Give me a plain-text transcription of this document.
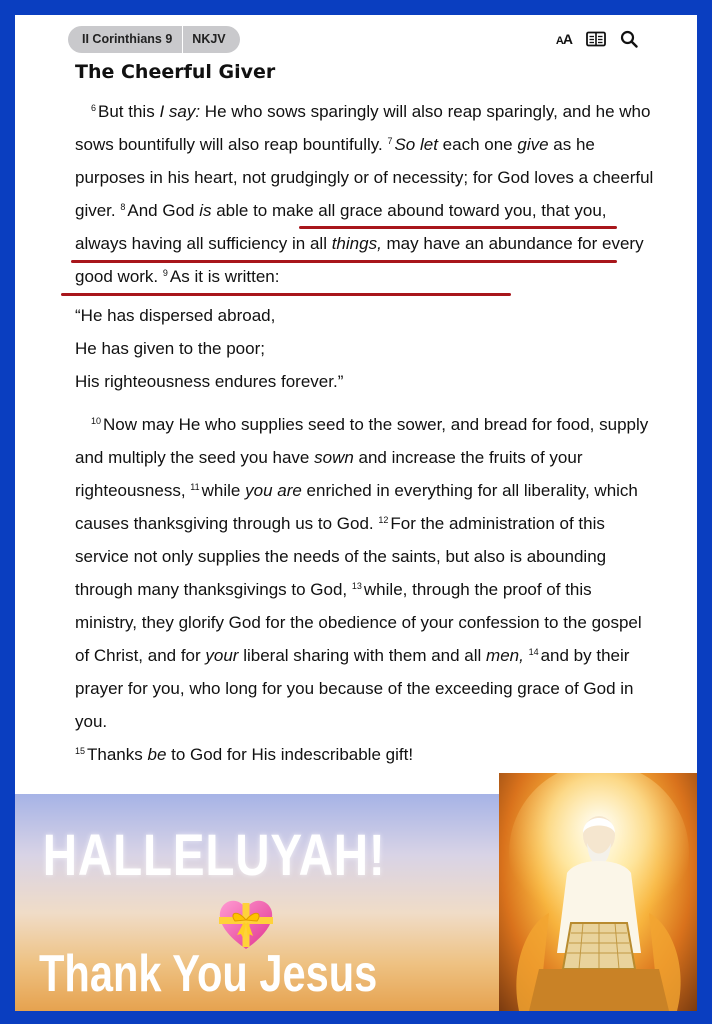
II Corinthians 9	NKJV	AA
The Cheerful Giver

$^6$ But this I say: He who sows sparingly will also reap sparingly, and he who sows bountifully will also reap bountifully. $^7$ So let each one give as he purposes in his heart, not grudgingly or of necessity; for God loves a cheerful giver. $^8$ And God is able to make all grace abound toward you, that you, always having all sufficiency in all things, may have an abundance for every good work. $^9$ As it is written:

“He has dispersed abroad,
He has given to the poor;
His righteousness endures forever.”

$^{10}$ Now may He who supplies seed to the sower, and bread for food, supply and multiply the seed you have sown and increase the fruits of your righteousness, $^{11}$ while you are enriched in everything for all liberality, which causes thanksgiving through us to God. $^{12}$ For the administration of this service not only supplies the needs of the saints, but also is abounding through many thanksgivings to God, $^{13}$ while, through the proof of this ministry, they glorify God for the obedience of your confession to the gospel of Christ, and for your liberal sharing with them and all men, $^{14}$ and by their prayer for you, who long for you because of the exceeding grace of God in you.
$^{15}$ Thanks be to God for His indescribable gift!

HALLELUYAH!
Thank You Jesus
